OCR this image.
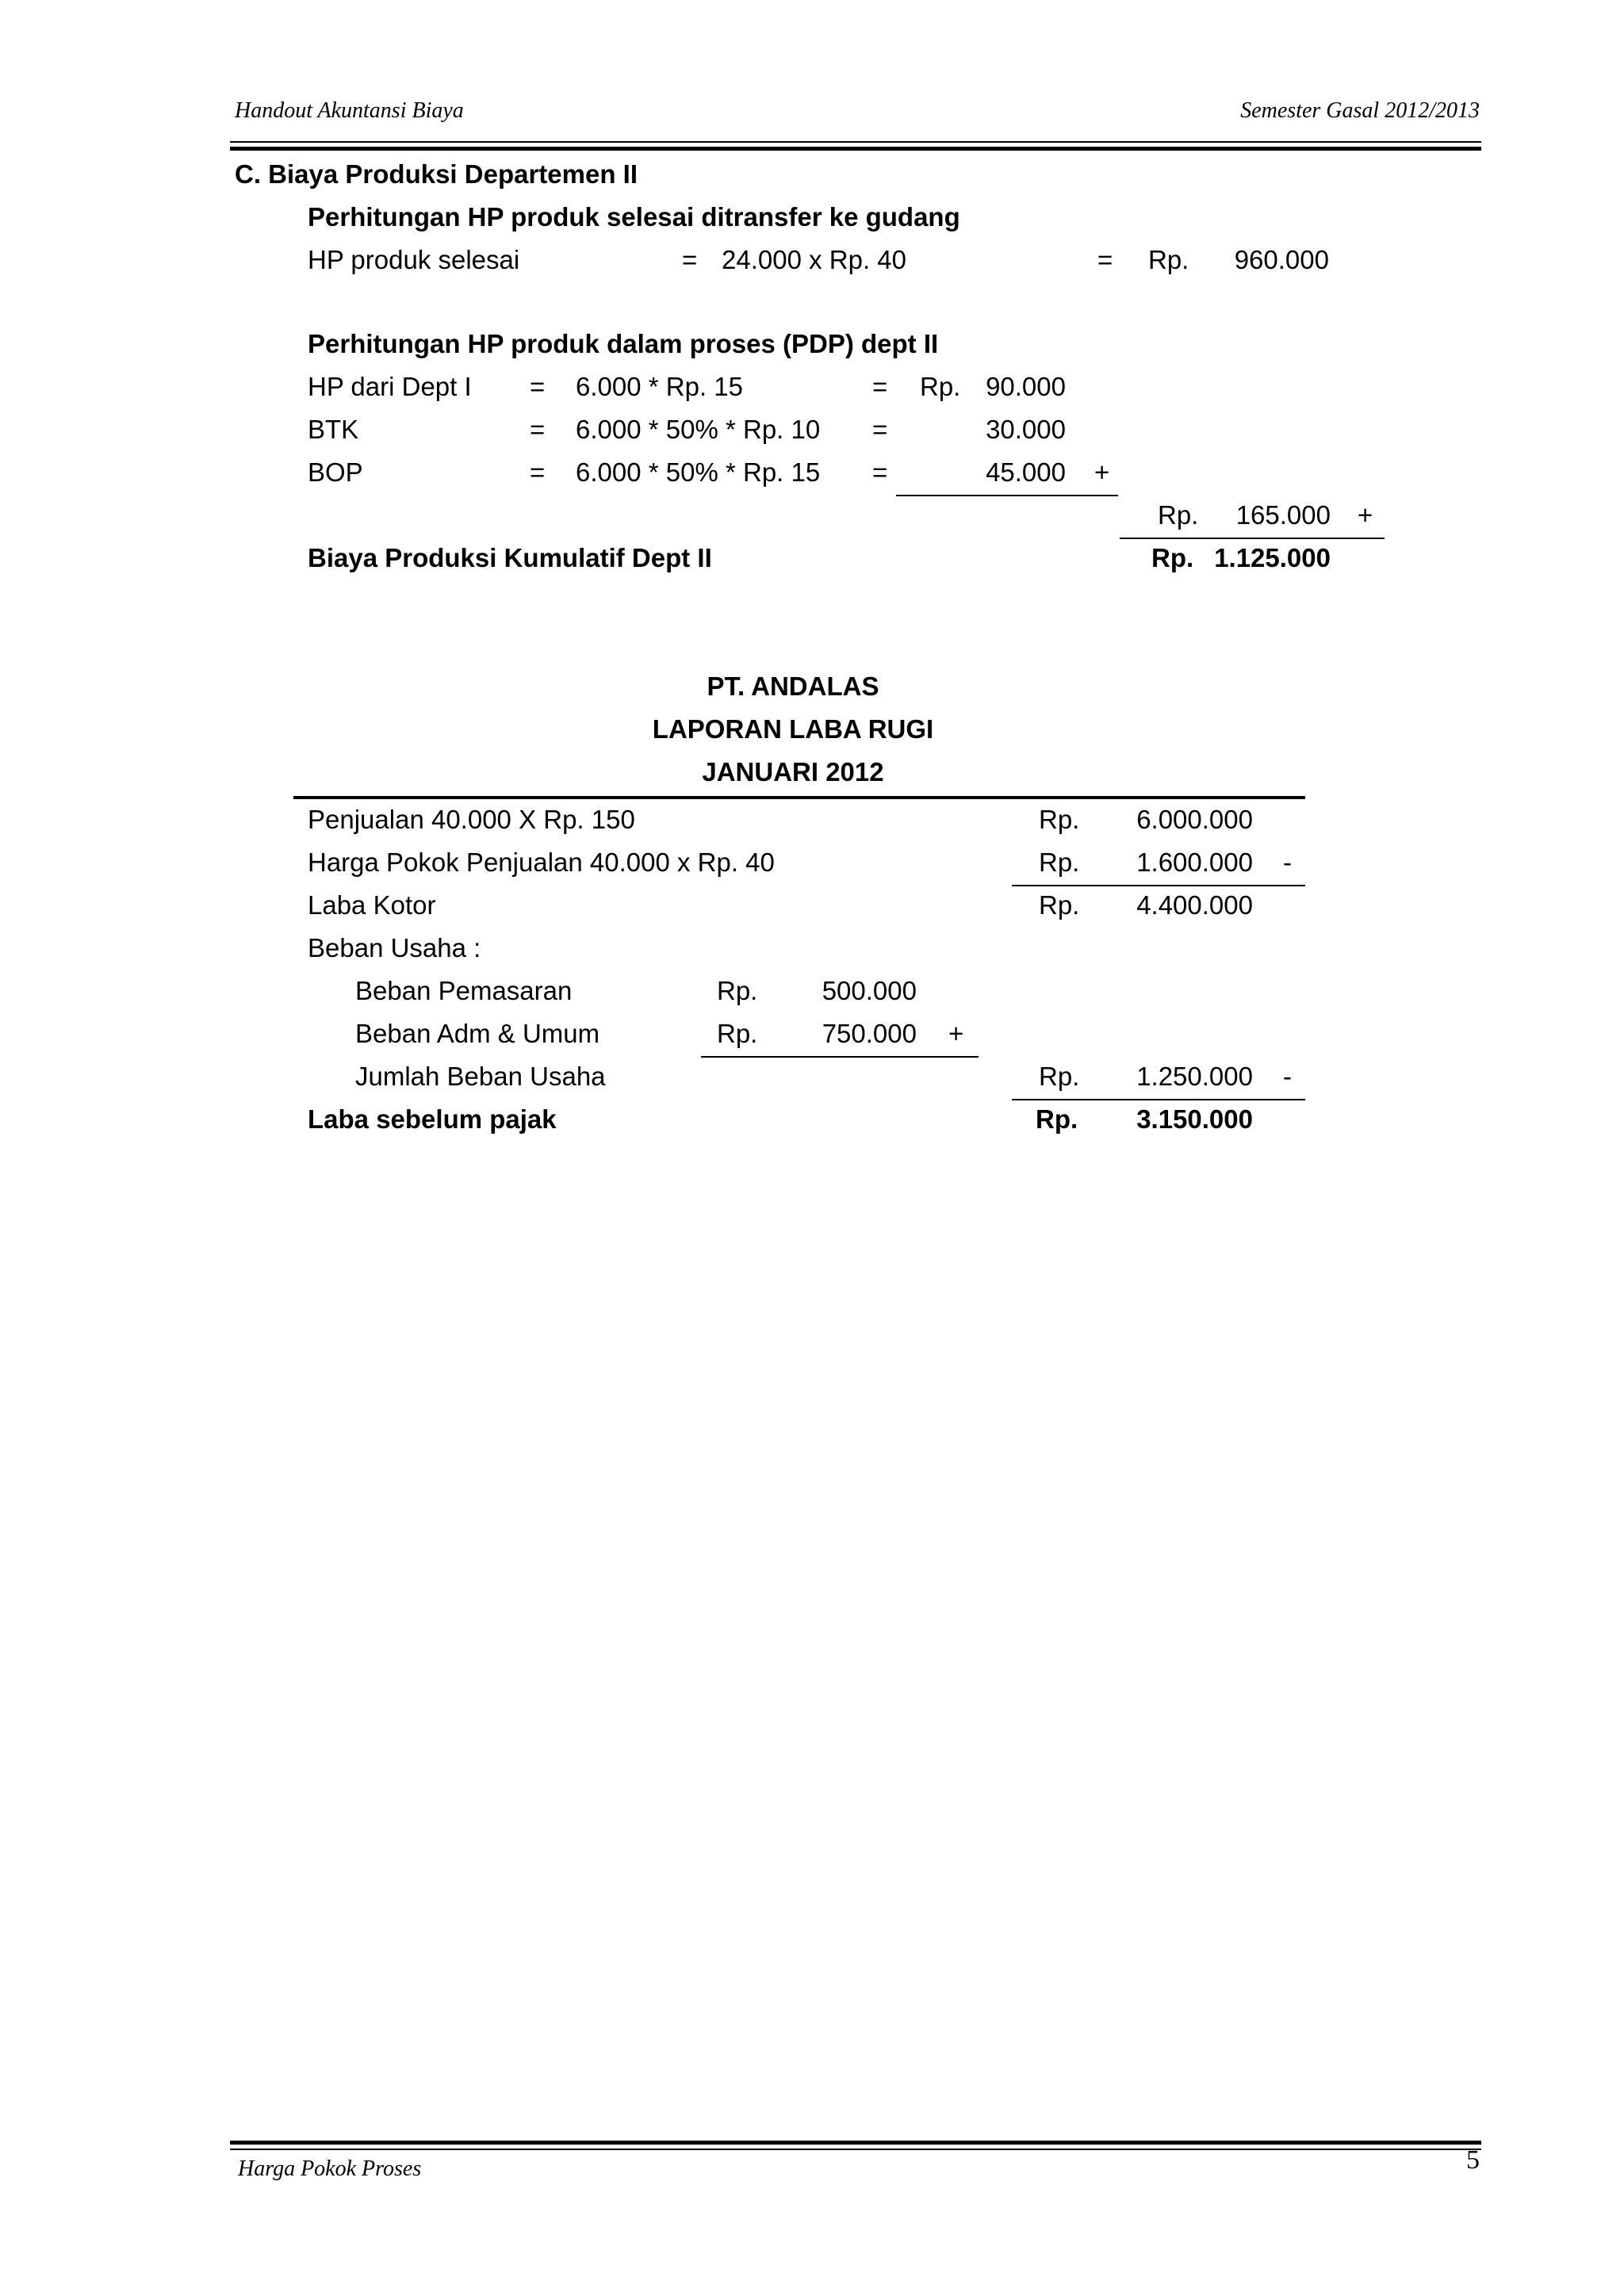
Handout Akuntansi Biaya	Semester Gasal 2012/2013
C. Biaya Produksi Departemen II
Perhitungan HP produk selesai ditransfer ke gudang
HP produk selesai	= 24.000 x Rp. 40	= Rp.	960.000
Perhitungan HP produk dalam proses (PDP) dept II
HP dari Dept I = 6.000 * Rp. 15	= Rp. 90.000
BTK	= 6.000 * 50% * Rp. 10 =	30.000
BOP	= 6.000 * 50% * Rp. 15 =	45.000 +
Rp.	165.000 +
Biaya Produksi Kumulatif Dept II	Rp. 1.125.000
PT. ANDALAS
LAPORAN LABA RUGI
JANUARI 2012
Penjualan 40.000 X Rp. 150	Rp.	6.000.000
Harga Pokok Penjualan 40.000 x Rp. 40	Rp.	1.600.000 -
Laba Kotor	Rp.	4.400.000
Beban Usaha :
Beban Pemasaran	Rp.	500.000
Beban Adm & Umum	Rp.	750.000 +
Jumlah Beban Usaha	Rp.	1.250.000 -
Laba sebelum pajak	Rp.	3.150.000
Harga Pokok Proses	5
